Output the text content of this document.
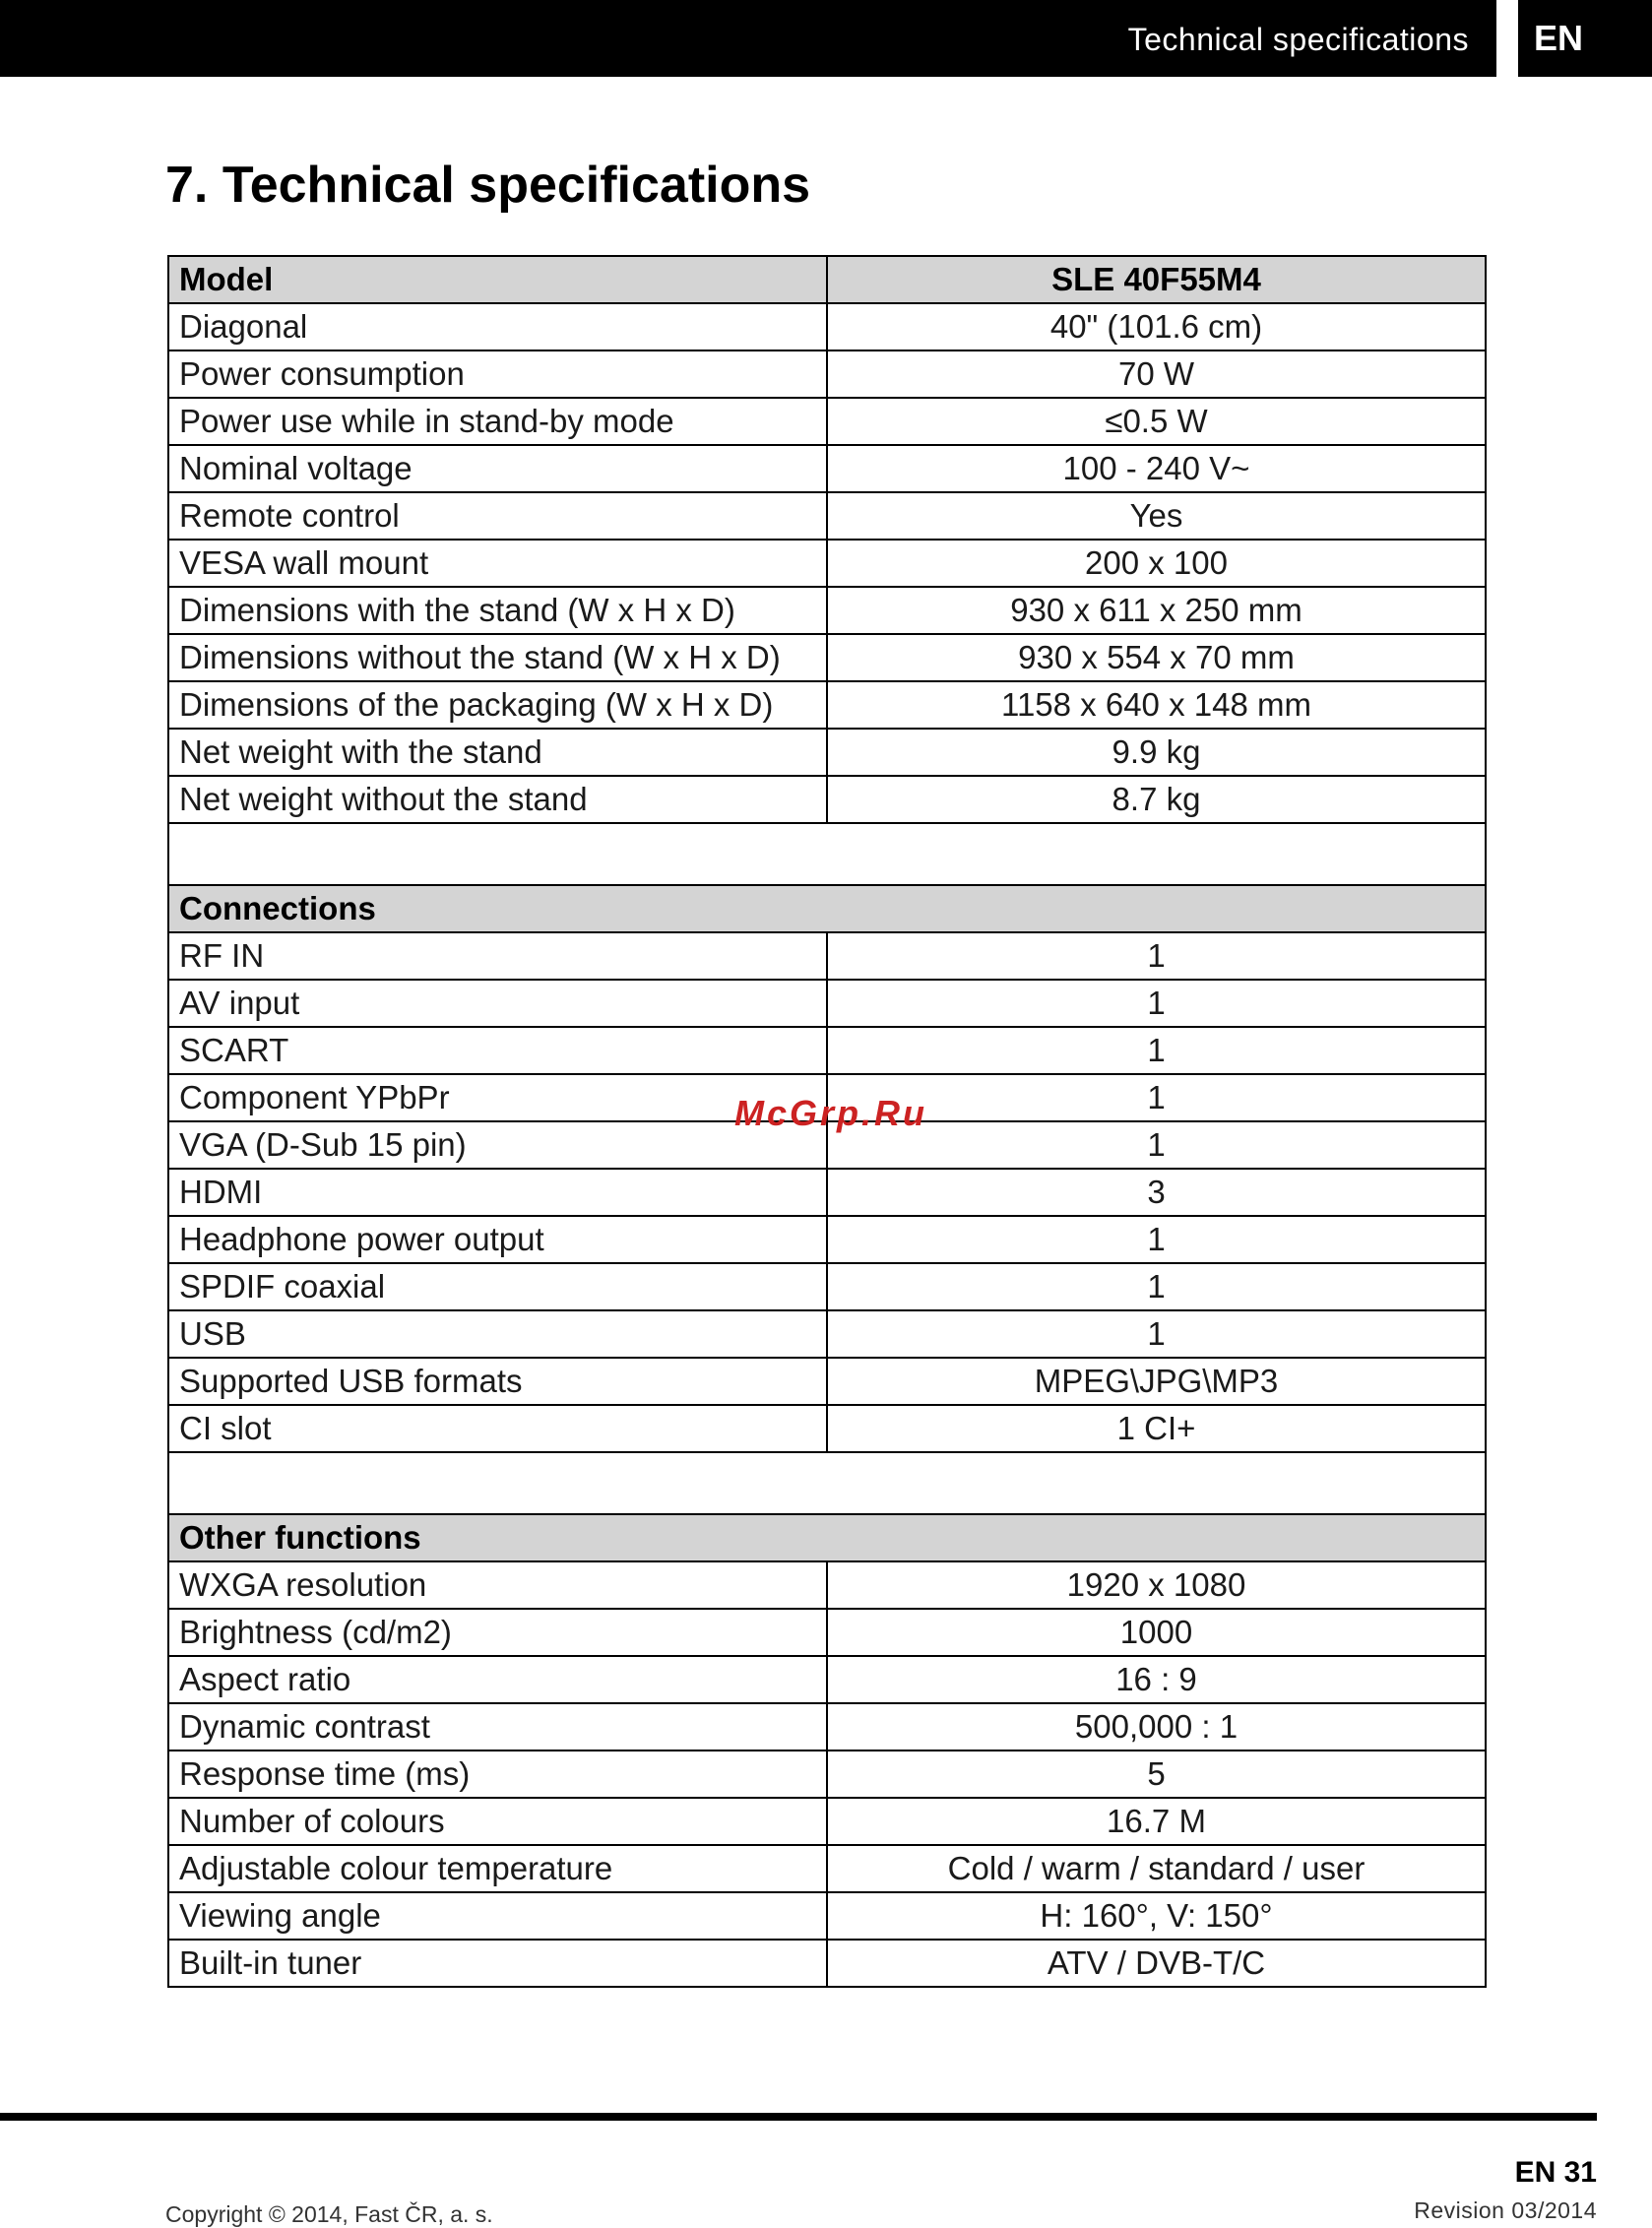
Technical specifications EN
7. Technical specifications
Model	SLE 40F55M4
Diagonal	40" (101.6 cm)
Power consumption	70 W
Power use while in stand-by mode	≤0.5 W
Nominal voltage	100 - 240 V~
Remote control	Yes
VESA wall mount	200 x 100
Dimensions with the stand (W x H x D)	930 x 611 x 250 mm
Dimensions without the stand (W x H x D)	930 x 554 x 70 mm
Dimensions of the packaging (W x H x D)	1158 x 640 x 148 mm
Net weight with the stand	9.9 kg
Net weight without the stand	8.7 kg

Connections	
RF IN	1
AV input	1
SCART	1
Component YPbPr	1
VGA (D-Sub 15 pin)	1
HDMI	3
Headphone power output	1
SPDIF coaxial	1
USB	1
Supported USB formats	MPEG\JPG\MP3
CI slot	1 CI+

Other functions	
WXGA resolution	1920 x 1080
Brightness (cd/m2)	1000
Aspect ratio	16 : 9
Dynamic contrast	500,000 : 1
Response time (ms)	5
Number of colours	16.7 M
Adjustable colour temperature	Cold / warm / standard / user
Viewing angle	H: 160°, V: 150°
Built-in tuner	ATV / DVB-T/C
McGrp.Ru
EN 31
Revision 03/2014
Copyright © 2014, Fast ČR, a. s.
